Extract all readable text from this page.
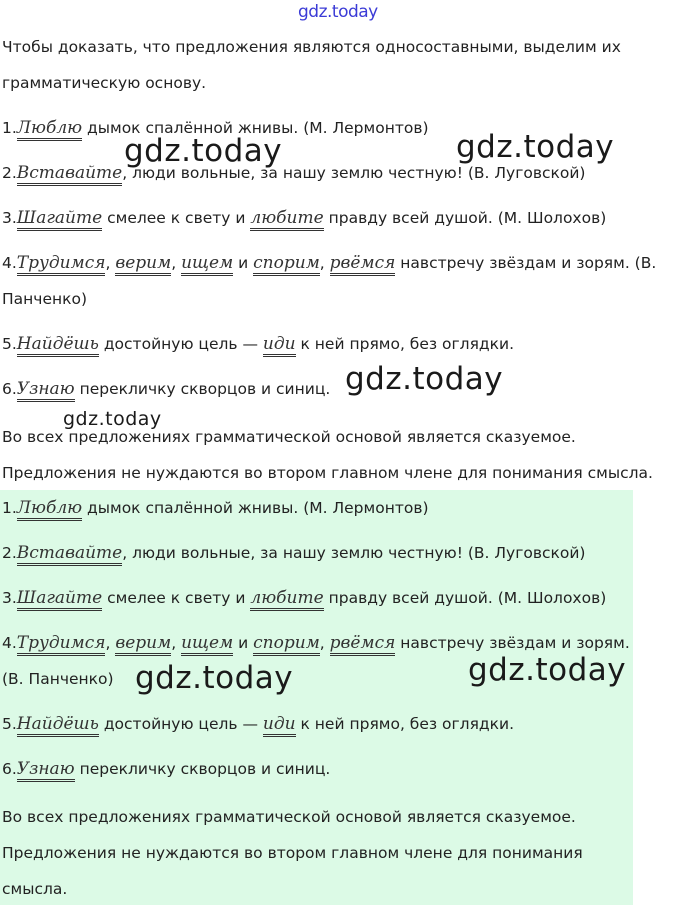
gdz.today
Чтобы доказать, что предложения являются односоставными, выделим их
грамматическую основу.
1.Люблю дымок спалённой жнивы. (М. Лермонтов)
2.Вставайте, люди вольные, за нашу землю честную! (В. Луговской)
3.Шагайте смелее к свету и любите правду всей душой. (М. Шолохов)
4.Трудимся, верим, ищем и спорим, рвёмся навстречу звёздам и зорям. (В.
Панченко)
5.Найдёшь достойную цель — иди к ней прямо, без оглядки.
6.Узнаю перекличку скворцов и синиц.
Во всех предложениях грамматической основой является сказуемое.
Предложения не нуждаются во втором главном члене для понимания смысла.
1.Люблю дымок спалённой жнивы. (М. Лермонтов)
2.Вставайте, люди вольные, за нашу землю честную! (В. Луговской)
3.Шагайте смелее к свету и любите правду всей душой. (М. Шолохов)
4.Трудимся, верим, ищем и спорим, рвёмся навстречу звёздам и зорям.
(В. Панченко)
5.Найдёшь достойную цель — иди к ней прямо, без оглядки.
6.Узнаю перекличку скворцов и синиц.
Во всех предложениях грамматической основой является сказуемое.
Предложения не нуждаются во втором главном члене для понимания
смысла.
gdz.today	gdz.today
gdz.today
gdz.today
gdz.today	gdz.today
